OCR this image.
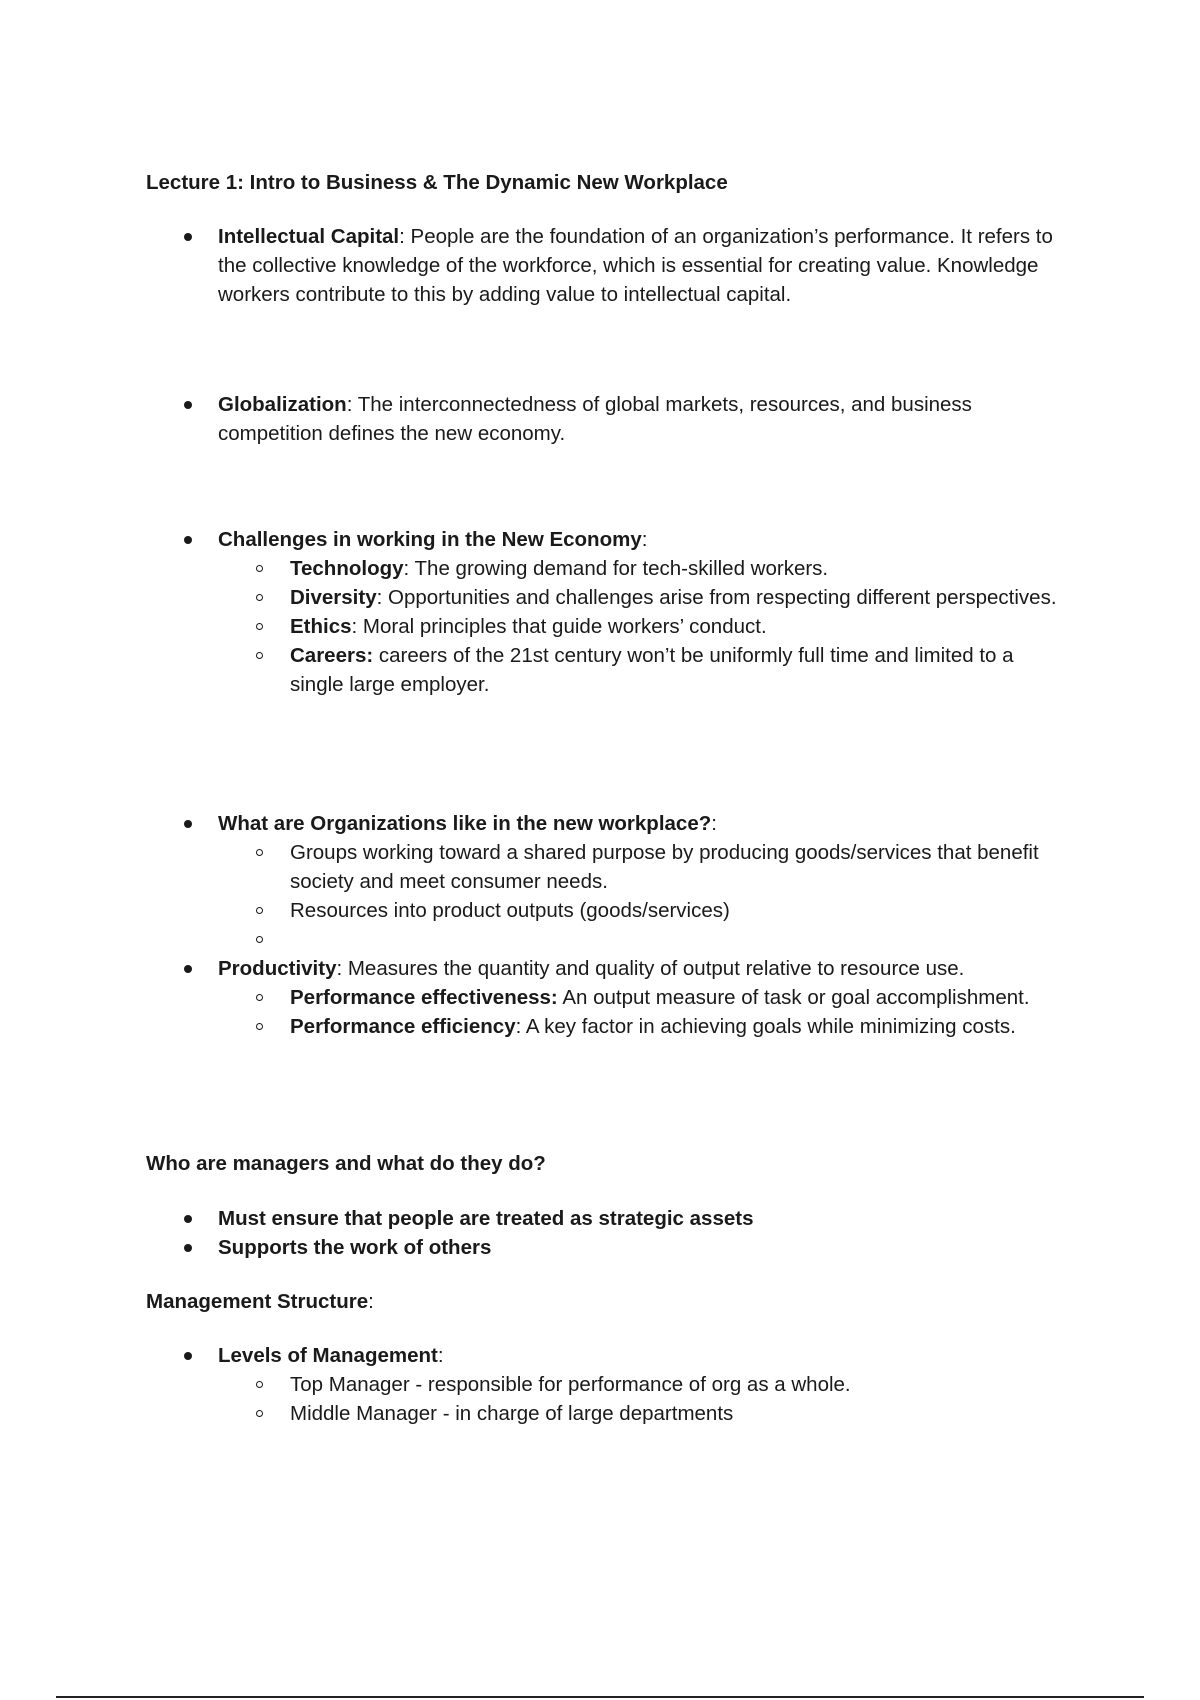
Lecture 1: Intro to Business & The Dynamic New Workplace
Intellectual Capital: People are the foundation of an organization’s performance. It refers to the collective knowledge of the workforce, which is essential for creating value. Knowledge workers contribute to this by adding value to intellectual capital.
Globalization: The interconnectedness of global markets, resources, and business competition defines the new economy.
Challenges in working in the New Economy:
Technology: The growing demand for tech-skilled workers.
Diversity: Opportunities and challenges arise from respecting different perspectives.
Ethics: Moral principles that guide workers’ conduct.
Careers: careers of the 21st century won’t be uniformly full time and limited to a single large employer.
What are Organizations like in the new workplace?:
Groups working toward a shared purpose by producing goods/services that benefit society and meet consumer needs.
Resources into product outputs (goods/services)
Productivity: Measures the quantity and quality of output relative to resource use.
Performance effectiveness: An output measure of task or goal accomplishment.
Performance efficiency: A key factor in achieving goals while minimizing costs.
Who are managers and what do they do?
Must ensure that people are treated as strategic assets
Supports the work of others
Management Structure:
Levels of Management:
Top Manager - responsible for performance of org as a whole.
Middle Manager - in charge of large departments
